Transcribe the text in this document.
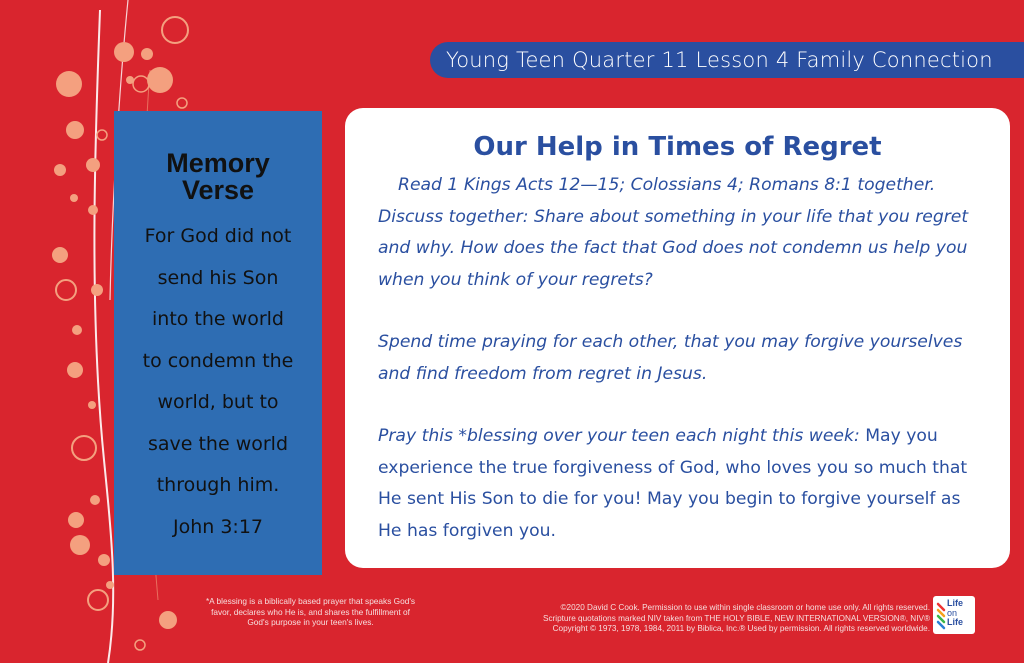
Young Teen Quarter 11 Lesson 4 Family Connection
Memory
Verse
For God did not
send his Son
into the world
to condemn the
world, but to
save the world
through him.
John 3:17
Our Help in Times of Regret

Read 1 Kings Acts 12—15; Colossians 4; Romans 8:1 together.

Discuss together: Share about something in your life that you regret and why. How does the fact that God does not condemn us help you when you think of your regrets?

Spend time praying for each other, that you may forgive yourselves and find freedom from regret in Jesus.

Pray this *blessing over your teen each night this week: May you experience the true forgiveness of God, who loves you so much that He sent His Son to die for you! May you begin to forgive yourself as He has forgiven you.

*A blessing is a biblically based prayer that speaks God's favor, declares who He is, and shares the fulfillment of God's purpose in your teen's lives.
©2020 David C Cook. Permission to use within single classroom or home use only. All rights reserved.
Scripture quotations marked NIV taken from THE HOLY BIBLE, NEW INTERNATIONAL VERSION®, NIV®
Copyright © 1973, 1978, 1984, 2011 by Biblica, Inc.® Used by permission. All rights reserved worldwide.
Life
on
Life
